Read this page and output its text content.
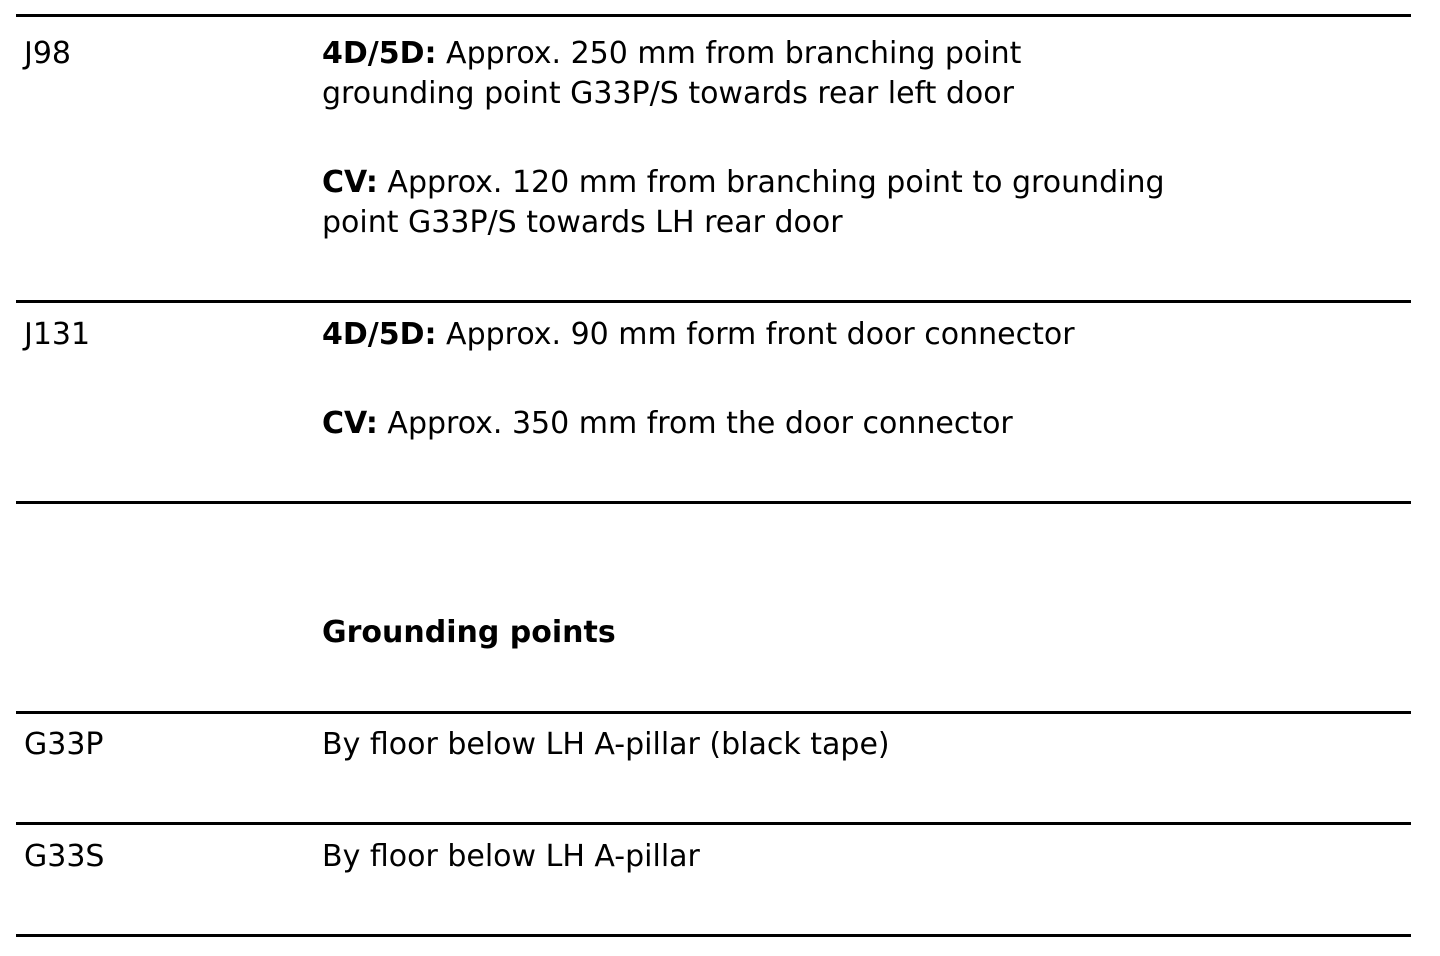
J98	4D/5D: Approx. 250 mm from branching point
grounding point G33P/S towards rear left door
CV: Approx. 120 mm from branching point to grounding
point G33P/S towards LH rear door
J131	4D/5D: Approx. 90 mm form front door connector
CV: Approx. 350 mm from the door connector
Grounding points
G33P	By floor below LH A-pillar (black tape)
G33S	By floor below LH A-pillar
